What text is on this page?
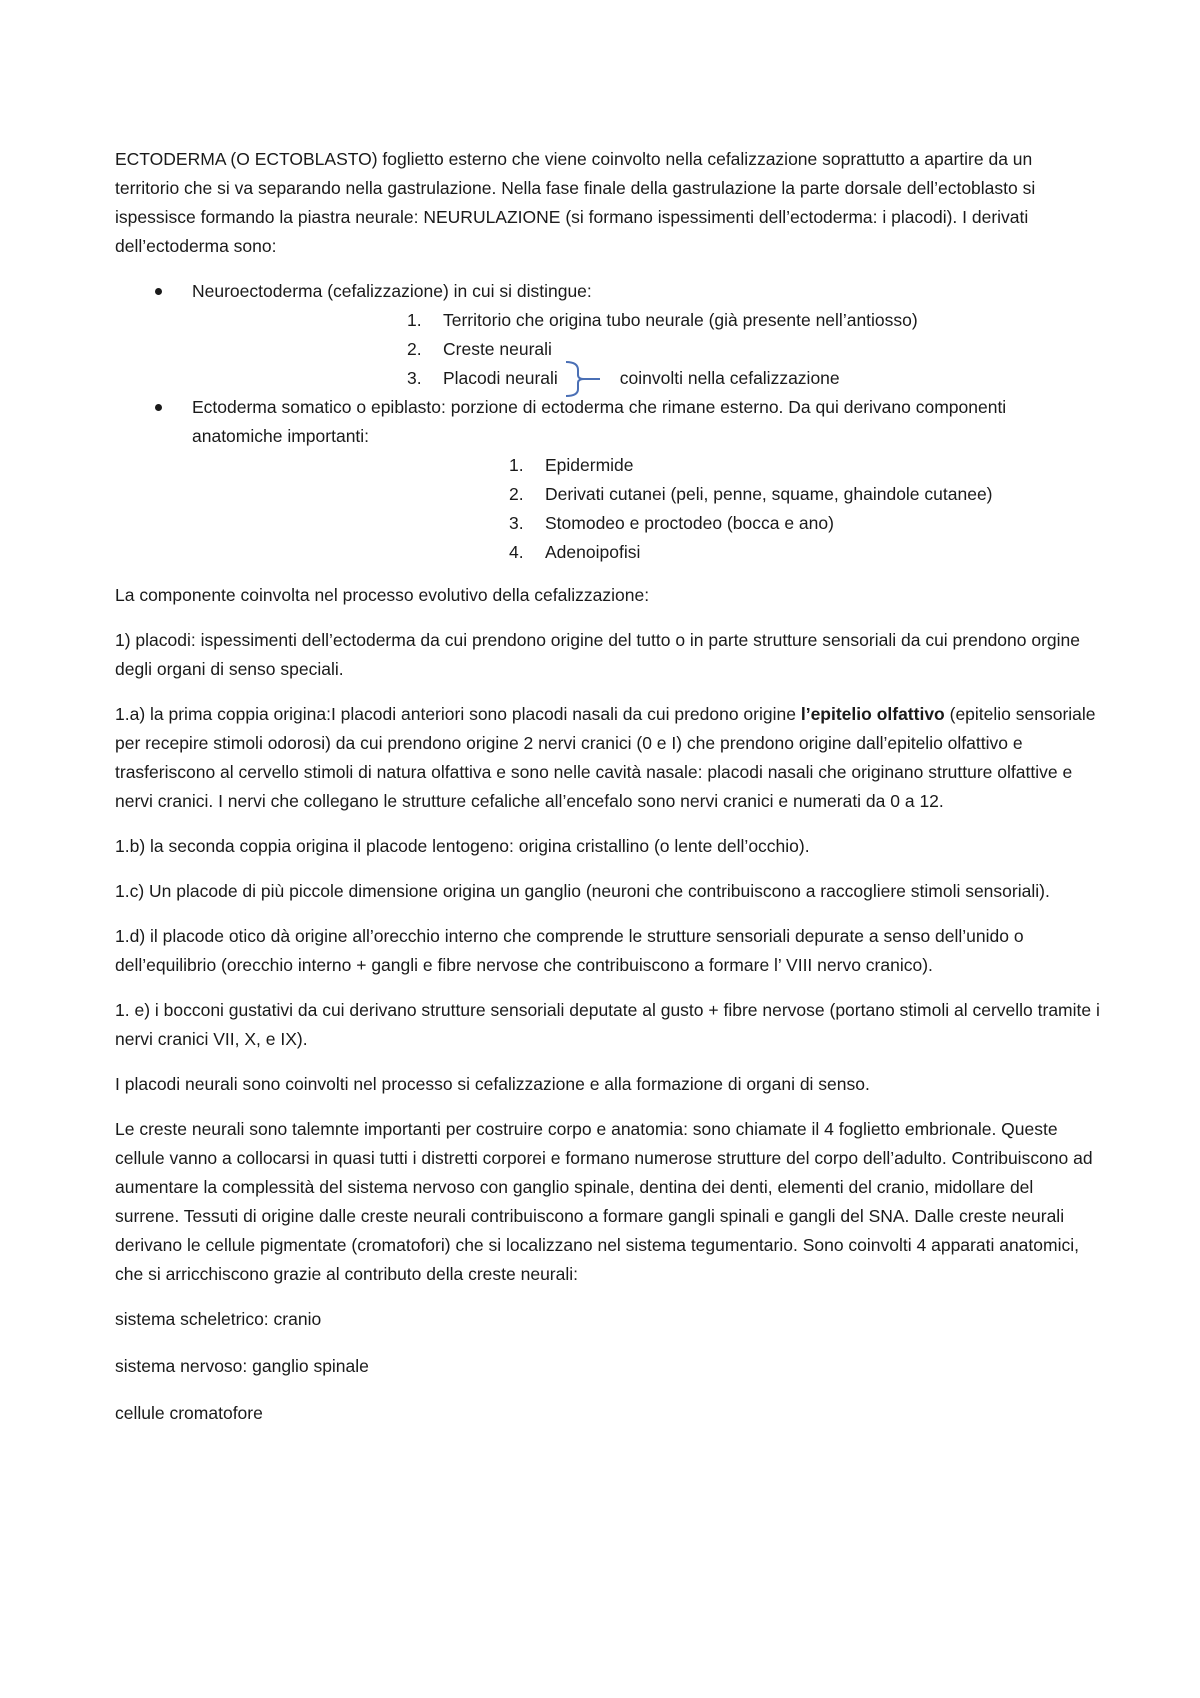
ECTODERMA (O ECTOBLASTO) foglietto esterno che viene coinvolto nella cefalizzazione soprattutto a apartire da un territorio che si va separando nella gastrulazione. Nella fase finale della gastrulazione la parte dorsale dell’ectoblasto si ispessisce formando la piastra neurale: NEURULAZIONE (si formano ispessimenti dell’ectoderma: i placodi). I derivati dell’ectoderma sono:

Neuroectoderma (cefalizzazione) in cui si distingue:
1.	Territorio che origina tubo neurale (già presente nell’antiosso)
2.	Creste neurali
3.	Placodi neurali	coinvolti nella cefalizzazione
Ectoderma somatico o epiblasto: porzione di ectoderma che rimane esterno. Da qui derivano componenti anatomiche importanti:
1.	Epidermide
2.	Derivati cutanei (peli, penne, squame, ghaindole cutanee)
3.	Stomodeo e proctodeo (bocca e ano)
4.	Adenoipofisi

La componente coinvolta nel processo evolutivo della cefalizzazione:

1) placodi: ispessimenti dell’ectoderma da cui prendono origine del tutto o in parte strutture sensoriali da cui prendono orgine degli organi di senso speciali.

1.a) la prima coppia origina:I placodi anteriori sono placodi nasali da cui predono origine l’epitelio olfattivo (epitelio sensoriale per recepire stimoli odorosi) da cui prendono origine 2 nervi cranici (0 e I) che prendono origine dall’epitelio olfattivo e trasferiscono al cervello stimoli di natura olfattiva e sono nelle cavità nasale: placodi nasali che originano strutture olfattive e nervi cranici. I nervi che collegano le strutture cefaliche all’encefalo sono nervi cranici e numerati da 0 a 12.

1.b) la seconda coppia origina il placode lentogeno: origina cristallino (o lente dell’occhio).

1.c) Un placode di più piccole dimensione origina un ganglio (neuroni che contribuiscono a raccogliere stimoli sensoriali).

1.d) il placode otico dà origine all’orecchio interno che comprende le strutture sensoriali depurate a senso dell’unido o dell’equilibrio (orecchio interno + gangli e fibre nervose che contribuiscono a formare l’ VIII nervo cranico).

1. e) i bocconi gustativi da cui derivano strutture sensoriali deputate al gusto + fibre nervose (portano stimoli al cervello tramite i nervi cranici VII, X, e IX).

I placodi neurali sono coinvolti nel processo si cefalizzazione e alla formazione di organi di senso.

Le creste neurali sono talemnte importanti per costruire corpo e anatomia: sono chiamate il 4 foglietto embrionale. Queste cellule vanno a collocarsi in quasi tutti i distretti corporei e formano numerose strutture del corpo dell’adulto. Contribuiscono ad aumentare la complessità del sistema nervoso con ganglio spinale, dentina dei denti, elementi del cranio, midollare del surrene. Tessuti di origine dalle creste neurali contribuiscono a formare gangli spinali e gangli del SNA. Dalle creste neurali derivano le cellule pigmentate (cromatofori) che si localizzano nel sistema tegumentario. Sono coinvolti 4 apparati anatomici, che si arricchiscono grazie al contributo della creste neurali:

sistema scheletrico: cranio

sistema nervoso: ganglio spinale

cellule cromatofore
